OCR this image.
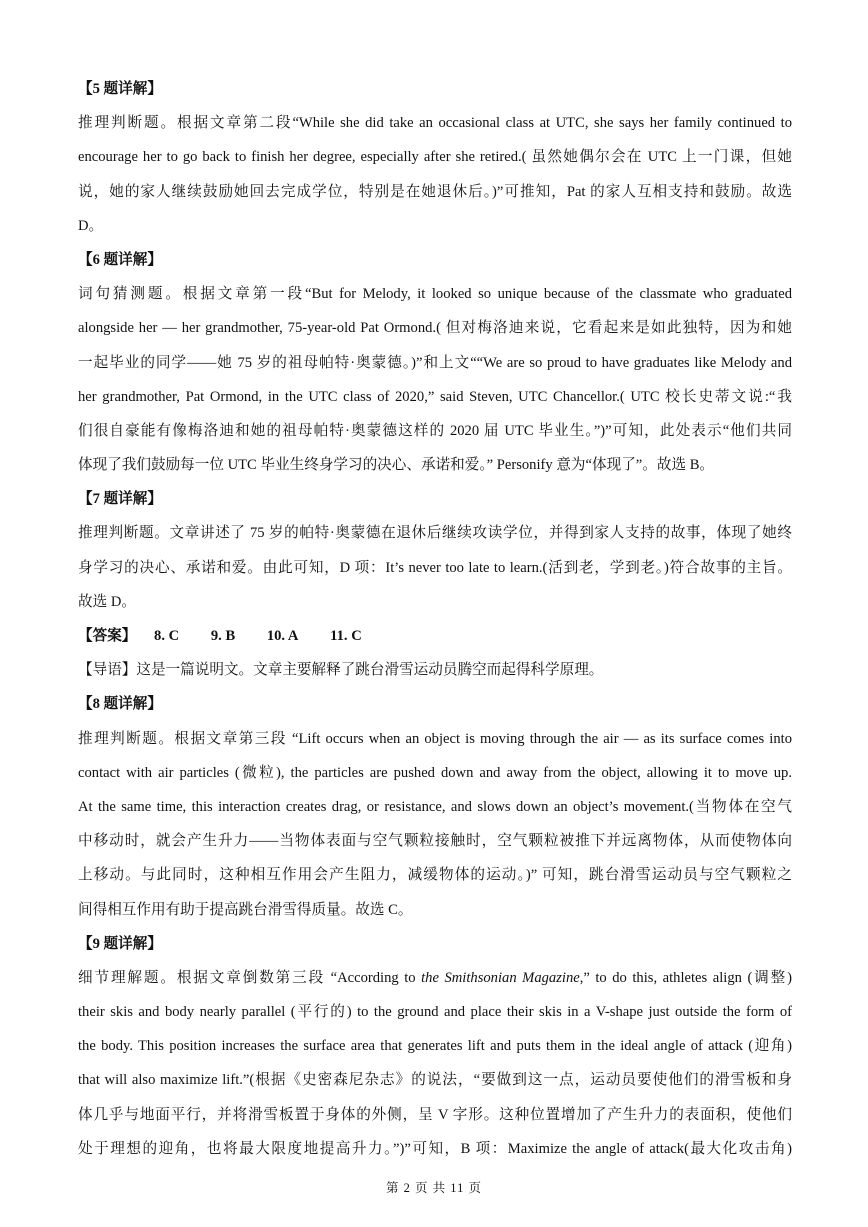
【5 题详解】
推理判断题。根据文章第二段“While she did take an occasional class at UTC, she says her family continued to
encourage her to go back to finish her degree, especially after she retired.( 虽然她偶尔会在 UTC 上一门课，但她
说，她的家人继续鼓励她回去完成学位，特别是在她退休后。)”可推知，Pat 的家人互相支持和鼓励。故选
D。
【6 题详解】
词句猜测题。根据文章第一段“But for Melody, it looked so unique because of the classmate who graduated
alongside her — her grandmother, 75-year-old Pat Ormond.( 但对梅洛迪来说，它看起来是如此独特，因为和她
一起毕业的同学——她 75 岁的祖母帕特·奥蒙德。)”和上文““We are so proud to have graduates like Melody and
her grandmother, Pat Ormond, in the UTC class of 2020,” said Steven, UTC Chancellor.( UTC 校长史蒂文说:“我
们很自豪能有像梅洛迪和她的祖母帕特·奥蒙德这样的 2020 届 UTC 毕业生。”)”可知，此处表示“他们共同
体现了我们鼓励每一位 UTC 毕业生终身学习的决心、承诺和爱。” Personify 意为“体现了”。故选 B。
【7 题详解】
推理判断题。文章讲述了 75 岁的帕特·奥蒙德在退休后继续攻读学位，并得到家人支持的故事，体现了她终
身学习的决心、承诺和爱。由此可知，D 项：It’s never too late to learn.(活到老，学到老。)符合故事的主旨。
故选 D。
【答案】 8. C 9. B 10. A 11. C
【导语】这是一篇说明文。文章主要解释了跳台滑雪运动员腾空而起得科学原理。
【8 题详解】
推理判断题。根据文章第三段 “Lift occurs when an object is moving through the air — as its surface comes into
contact with air particles (微粒), the particles are pushed down and away from the object, allowing it to move up.
At the same time, this interaction creates drag, or resistance, and slows down an object’s movement.(当物体在空气
中移动时，就会产生升力——当物体表面与空气颗粒接触时，空气颗粒被推下并远离物体，从而使物体向
上移动。与此同时，这种相互作用会产生阻力，减缓物体的运动。)” 可知，跳台滑雪运动员与空气颗粒之
间得相互作用有助于提高跳台滑雪得质量。故选 C。
【9 题详解】
细节理解题。根据文章倒数第三段 “According to the Smithsonian Magazine,” to do this, athletes align (调整)
their skis and body nearly parallel (平行的) to the ground and place their skis in a V-shape just outside the form of
the body. This position increases the surface area that generates lift and puts them in the ideal angle of attack (迎角)
that will also maximize lift.”(根据《史密森尼杂志》的说法，“要做到这一点，运动员要使他们的滑雪板和身
体几乎与地面平行，并将滑雪板置于身体的外侧，呈 V 字形。这种位置增加了产生升力的表面积，使他们
处于理想的迎角，也将最大限度地提高升力。”)”可知，B 项：Maximize the angle of attack(最大化攻击角)
第 2 页 共 11 页
